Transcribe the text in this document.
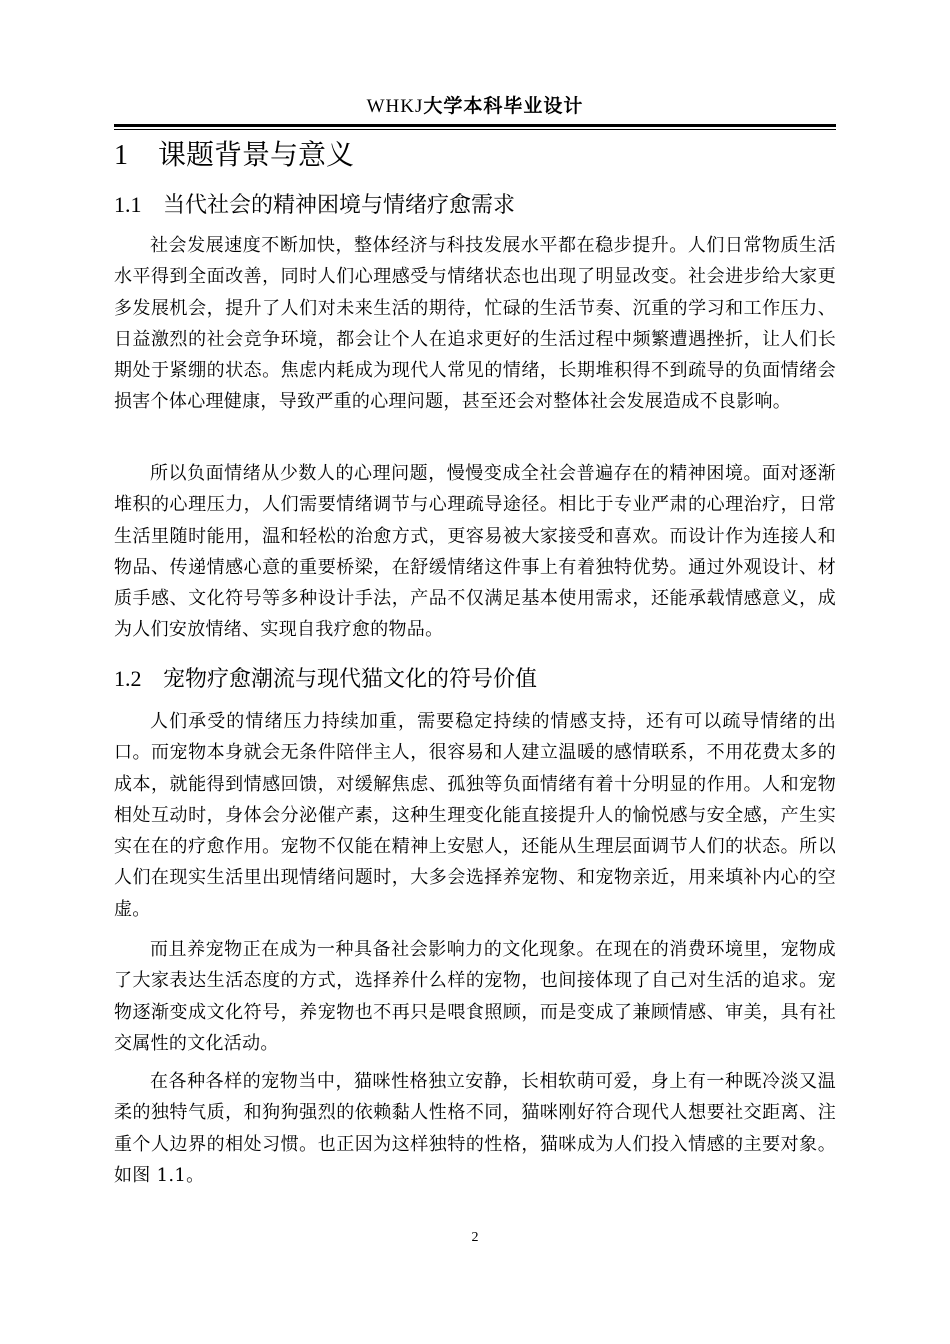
WHKJ大学本科毕业设计
1 课题背景与意义
1.1 当代社会的精神困境与情绪疗愈需求
社会发展速度不断加快，整体经济与科技发展水平都在稳步提升。人们日常物质生活水平得到全面改善，同时人们心理感受与情绪状态也出现了明显改变。社会进步给大家更多发展机会，提升了人们对未来生活的期待，忙碌的生活节奏、沉重的学习和工作压力、日益激烈的社会竞争环境，都会让个人在追求更好的生活过程中频繁遭遇挫折，让人们长期处于紧绷的状态。焦虑内耗成为现代人常见的情绪，长期堆积得不到疏导的负面情绪会损害个体心理健康，导致严重的心理问题，甚至还会对整体社会发展造成不良影响。
所以负面情绪从少数人的心理问题，慢慢变成全社会普遍存在的精神困境。面对逐渐堆积的心理压力，人们需要情绪调节与心理疏导途径。相比于专业严肃的心理治疗，日常生活里随时能用，温和轻松的治愈方式，更容易被大家接受和喜欢。而设计作为连接人和物品、传递情感心意的重要桥梁，在舒缓情绪这件事上有着独特优势。通过外观设计、材质手感、文化符号等多种设计手法，产品不仅满足基本使用需求，还能承载情感意义，成为人们安放情绪、实现自我疗愈的物品。
1.2 宠物疗愈潮流与现代猫文化的符号价值
人们承受的情绪压力持续加重，需要稳定持续的情感支持，还有可以疏导情绪的出口。而宠物本身就会无条件陪伴主人，很容易和人建立温暖的感情联系，不用花费太多的成本，就能得到情感回馈，对缓解焦虑、孤独等负面情绪有着十分明显的作用。人和宠物相处互动时，身体会分泌催产素，这种生理变化能直接提升人的愉悦感与安全感，产生实实在在的疗愈作用。宠物不仅能在精神上安慰人，还能从生理层面调节人们的状态。所以人们在现实生活里出现情绪问题时，大多会选择养宠物、和宠物亲近，用来填补内心的空虚。
而且养宠物正在成为一种具备社会影响力的文化现象。在现在的消费环境里，宠物成了大家表达生活态度的方式，选择养什么样的宠物，也间接体现了自己对生活的追求。宠物逐渐变成文化符号，养宠物也不再只是喂食照顾，而是变成了兼顾情感、审美，具有社交属性的文化活动。
在各种各样的宠物当中，猫咪性格独立安静，长相软萌可爱，身上有一种既冷淡又温柔的独特气质，和狗狗强烈的依赖黏人性格不同，猫咪刚好符合现代人想要社交距离、注重个人边界的相处习惯。也正因为这样独特的性格，猫咪成为人们投入情感的主要对象。如图 1.1。
2
